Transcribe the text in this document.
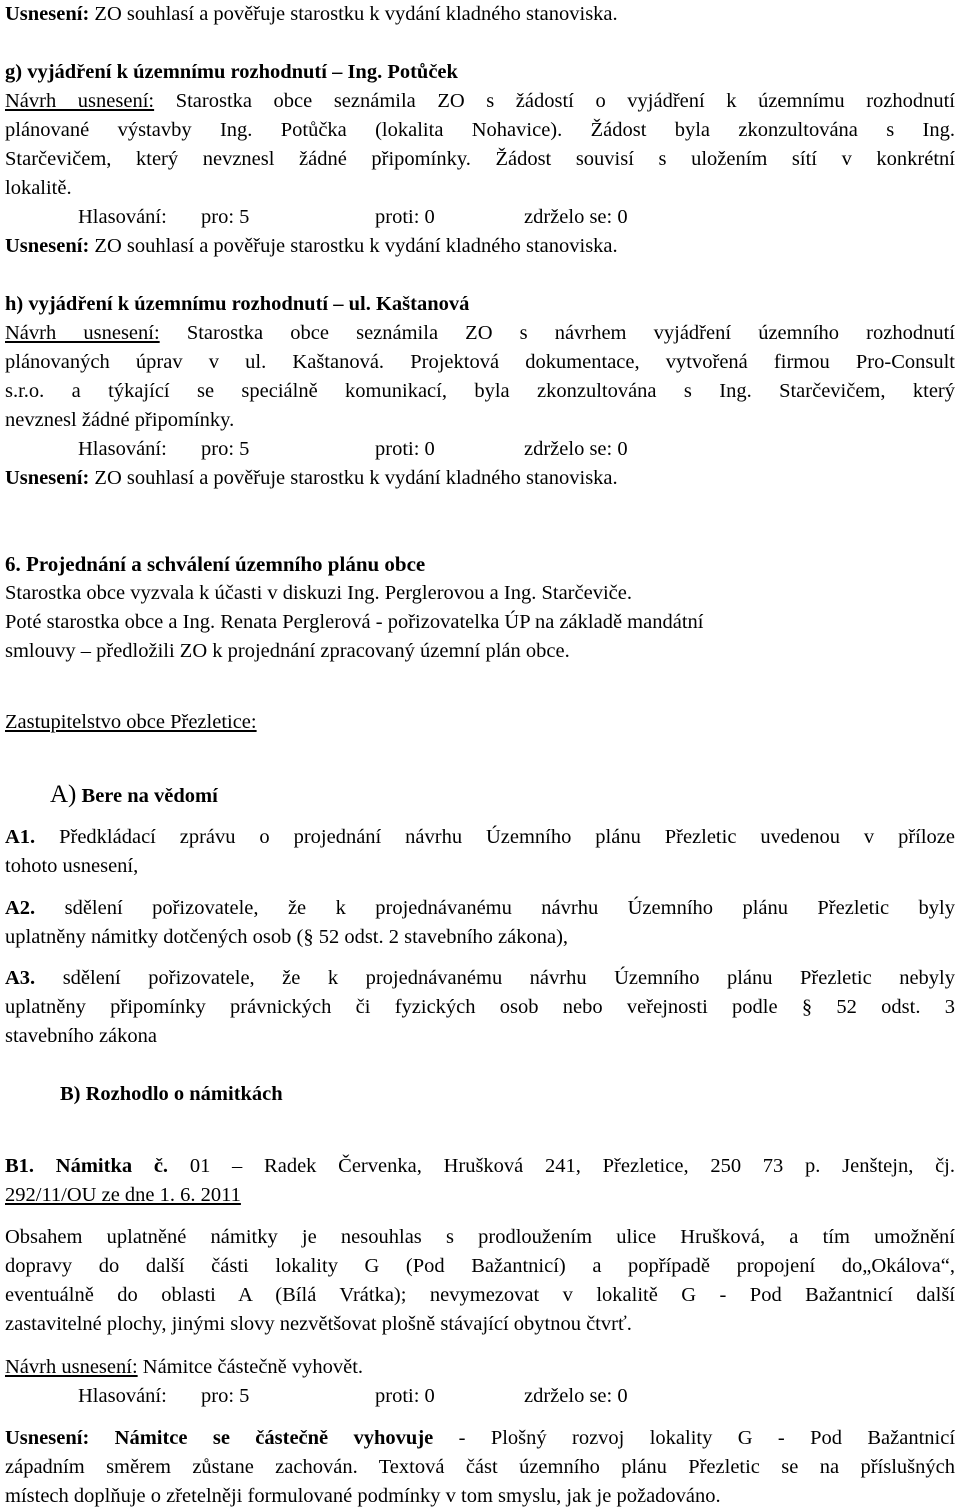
Usnesení: ZO souhlasí a pověřuje starostku k vydání kladného stanoviska.
g) vyjádření k územnímu rozhodnutí – Ing. Potůček
Návrh usnesení: Starostka obce seznámila ZO s žádostí o vyjádření k územnímu rozhodnutí
plánované výstavby Ing. Potůčka (lokalita Nohavice). Žádost byla zkonzultována s Ing.
Starčevičem, který nevznesl žádné připomínky. Žádost souvisí s uložením sítí v konkrétní
lokalitě.
Hlasování: pro: 5	proti: 0	zdrželo se: 0
Usnesení: ZO souhlasí a pověřuje starostku k vydání kladného stanoviska.
h) vyjádření k územnímu rozhodnutí – ul. Kaštanová
Návrh usnesení: Starostka obce seznámila ZO s návrhem vyjádření územního rozhodnutí
plánovaných úprav v ul. Kaštanová. Projektová dokumentace, vytvořená firmou Pro-Consult
s.r.o. a týkající se speciálně komunikací, byla zkonzultována s Ing. Starčevičem, který
nevznesl žádné připomínky.
Hlasování: pro: 5	proti: 0	zdrželo se: 0
Usnesení: ZO souhlasí a pověřuje starostku k vydání kladného stanoviska.
6. Projednání a schválení územního plánu obce
Starostka obce vyzvala k účasti v diskuzi Ing. Perglerovou a Ing. Starčeviče.
Poté starostka obce a Ing. Renata Perglerová - pořizovatelka ÚP na základě mandátní
smlouvy – předložili ZO k projednání zpracovaný územní plán obce.
Zastupitelstvo obce Přezletice:
A) Bere na vědomí
A1. Předkládací zprávu o projednání návrhu Územního plánu Přezletic uvedenou v příloze
tohoto usnesení,
A2. sdělení pořizovatele, že k projednávanému návrhu Územního plánu Přezletic byly
uplatněny námitky dotčených osob (§ 52 odst. 2 stavebního zákona),
A3. sdělení pořizovatele, že k projednávanému návrhu Územního plánu Přezletic nebyly
uplatněny připomínky právnických či fyzických osob nebo veřejnosti podle § 52 odst. 3
stavebního zákona
B) Rozhodlo o námitkách
B1. Námitka č. 01 – Radek Červenka, Hrušková 241, Přezletice, 250 73 p. Jenštejn, čj.
292/11/OU ze dne 1. 6. 2011
Obsahem uplatněné námitky je nesouhlas s prodloužením ulice Hrušková, a tím umožnění
dopravy do další části lokality G (Pod Bažantnicí) a popřípadě propojení do„Okálova“,
eventuálně do oblasti A (Bílá Vrátka); nevymezovat v lokalitě G - Pod Bažantnicí další
zastavitelné plochy, jinými slovy nezvětšovat plošně stávající obytnou čtvrť.
Návrh usnesení: Námitce částečně vyhovět.
Hlasování: pro: 5	proti: 0	zdrželo se: 0
Usnesení: Námitce se částečně vyhovuje - Plošný rozvoj lokality G - Pod Bažantnicí
západním směrem zůstane zachován. Textová část územního plánu Přezletic se na příslušných
místech doplňuje o zřetelněji formulované podmínky v tom smyslu, jak je požadováno.
